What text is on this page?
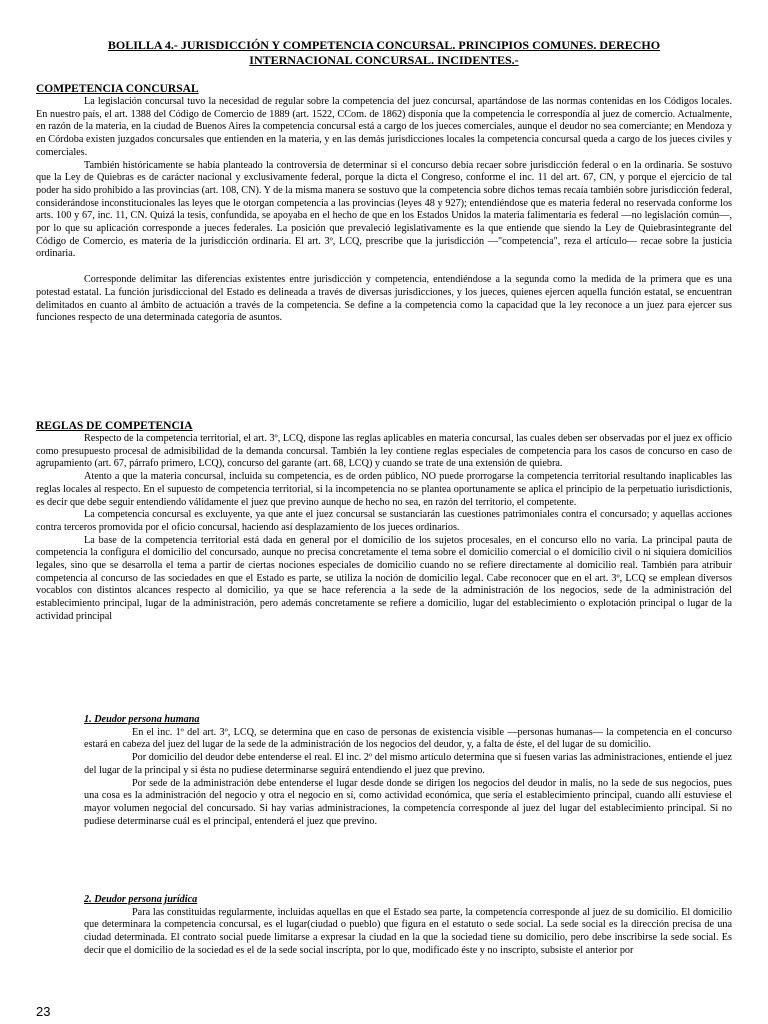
BOLILLA 4.- JURISDICCIÓN Y COMPETENCIA CONCURSAL. PRINCIPIOS COMUNES. DERECHO
INTERNACIONAL CONCURSAL. INCIDENTES.-
COMPETENCIA CONCURSAL

La legislación concursal tuvo la necesidad de regular sobre la competencia del juez concursal, apartándose de las normas contenidas en los Códigos locales. En nuestro país, el art. 1388 del Código de Comercio de 1889 (art. 1522, CCom. de 1862) disponía que la competencia le correspondía al juez de comercio. Actualmente, en razón de la materia, en la ciudad de Buenos Aires la competencia concursal está a cargo de los jueces comerciales, aunque el deudor no sea comerciante; en Mendoza y en Córdoba existen juzgados concursales que entienden en la materia, y en las demás jurisdicciones locales la competencia concursal queda a cargo de los jueces civiles y comerciales.

También históricamente se había planteado la controversia de determinar si el concurso debía recaer sobre jurisdicción federal o en la ordinaria. Se sostuvo que la Ley de Quiebras es de carácter nacional y exclusivamente federal, porque la dicta el Congreso, conforme el inc. 11 del art. 67, CN, y porque el ejercicio de tal poder ha sido prohibido a las provincias (art. 108, CN). Y de la misma manera se sostuvo que la competencia sobre dichos temas recaía también sobre jurisdicción federal, considerándose inconstitucionales las leyes que le otorgan competencia a las provincias (leyes 48 y 927); entendiéndose que es materia federal no reservada conforme los arts. 100 y 67, inc. 11, CN. Quizá la tesis, confundida, se apoyaba en el hecho de que en los Estados Unidos la materia falimentaria es federal —no legislación común—, por lo que su aplicación corresponde a jueces federales. La posición que prevaleció legislativamente es la que entiende que siendo la Ley de Quiebrasintegrante del Código de Comercio, es materia de la jurisdicción ordinaria. El art. 3º, LCQ, prescribe que la jurisdicción —"competencia", reza el artículo— recae sobre la justicia ordinaria.

Corresponde delimitar las diferencias existentes entre jurisdicción y competencia, entendiéndose a la segunda como la medida de la primera que es una potestad estatal. La función jurisdiccional del Estado es delineada a través de diversas jurisdicciones, y los jueces, quienes ejercen aquella función estatal, se encuentran delimitados en cuanto al ámbito de actuación a través de la competencia. Se define a la competencia como la capacidad que la ley reconoce a un juez para ejercer sus funciones respecto de una determinada categoría de asuntos.

REGLAS DE COMPETENCIA

Respecto de la competencia territorial, el art. 3º, LCQ, dispone las reglas aplicables en materia concursal, las cuales deben ser observadas por el juez ex officio como presupuesto procesal de admisibilidad de la demanda concursal. También la ley contiene reglas especiales de competencia para los casos de concurso en caso de agrupamiento (art. 67, párrafo primero, LCQ), concurso del garante (art. 68, LCQ) y cuando se trate de una extensión de quiebra.

Atento a que la materia concursal, incluida su competencia, es de orden público, NO puede prorrogarse la competencia territorial resultando inaplicables las reglas locales al respecto. En el supuesto de competencia territorial, si la incompetencia no se plantea oportunamente se aplica el principio de la perpetuatio iurisdictionis, es decir que debe seguir entendiendo válidamente el juez que previno aunque de hecho no sea, en razón del territorio, el competente.

La competencia concursal es excluyente, ya que ante el juez concursal se sustanciarán las cuestiones patrimoniales contra el concursado; y aquellas acciones contra terceros promovida por el oficio concursal, haciendo así desplazamiento de los jueces ordinarios.

La base de la competencia territorial está dada en general por el domicilio de los sujetos procesales, en el concurso ello no varía. La principal pauta de competencia la configura el domicilio del concursado, aunque no precisa concretamente el tema sobre el domicilio comercial o el domicilio civil o ni siquiera domicilios legales, sino que se desarrolla el tema a partir de ciertas nociones especiales de domicilio cuando no se refiere directamente al domicilio real. También para atribuir competencia al concurso de las sociedades en que el Estado es parte, se utiliza la noción de domicilio legal. Cabe reconocer que en el art. 3º, LCQ se emplean diversos vocablos con distintos alcances respecto al domicilio, ya que se hace referencia a la sede de la administración de los negocios, sede de la administración del establecimiento principal, lugar de la administración, pero además concretamente se refiere a domicilio, lugar del establecimiento o explotación principal o lugar de la actividad principal

1. Deudor persona humana

En el inc. 1º del art. 3º, LCQ, se determina que en caso de personas de existencia visible —personas humanas— la competencia en el concurso estará en cabeza del juez del lugar de la sede de la administración de los negocios del deudor, y, a falta de éste, el del lugar de su domicilio.

Por domicilio del deudor debe entenderse el real. El inc. 2º del mismo artículo determina que si fuesen varias las administraciones, entiende el juez del lugar de la principal y si ésta no pudiese determinarse seguirá entendiendo el juez que previno.

Por sede de la administración debe entenderse el lugar desde donde se dirigen los negocios del deudor in malis, no la sede de sus negocios, pues una cosa es la administración del negocio y otra el negocio en sí, como actividad económica, que sería el establecimiento principal, cuando allí estuviese el mayor volumen negocial del concursado. Si hay varias administraciones, la competencia corresponde al juez del lugar del establecimiento principal. Si no pudiese determinarse cuál es el principal, entenderá el juez que previno.

2. Deudor persona jurídica

Para las constituidas regularmente, incluidas aquellas en que el Estado sea parte, la competencia corresponde al juez de su domicilio. El domicilio que determinara la competencia concursal, es el lugar(ciudad o pueblo) que figura en el estatuto o sede social. La sede social es la dirección precisa de una ciudad determinada. El contrato social puede limitarse a expresar la ciudad en la que la sociedad tiene su domicilio, pero debe inscribirse la sede social. Es decir que el domicilio de la sociedad es el de la sede social inscripta, por lo que, modificado éste y no inscripto, subsiste el anterior por

23
